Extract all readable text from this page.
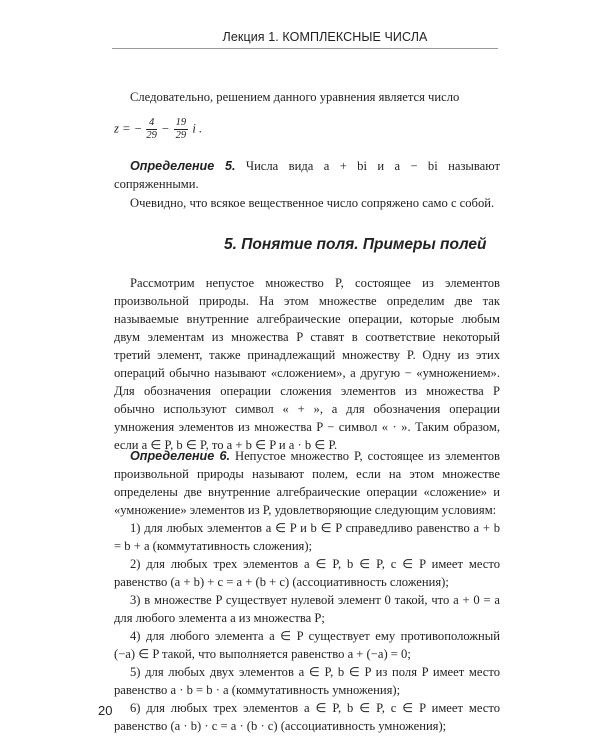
Лекция 1. КОМПЛЕКСНЫЕ ЧИСЛА
Следовательно, решением данного уравнения является число
z = − $\frac{4}{29} - \frac{19}{29}$ i .
Определение 5. Числа вида a + bi и a − bi называют сопряженными.
Очевидно, что всякое вещественное число сопряжено само с собой.
5. Понятие поля. Примеры полей
Рассмотрим непустое множество P, состоящее из элементов произвольной природы. На этом множестве определим две так называемые внутренние алгебраические операции, которые любым двум элементам из множества P ставят в соответствие некоторый третий элемент, также принадлежащий множеству P. Одну из этих операций обычно называют «сложением», а другую − «умножением». Для обозначения операции сложения элементов из множества P обычно используют символ « + », а для обозначения операции умножения элементов из множества P − символ « · ». Таким образом, если a ∈ P, b ∈ P, то a + b ∈ P и a · b ∈ P.
Определение 6. Непустое множество P, состоящее из элементов произвольной природы называют полем, если на этом множестве определены две внутренние алгебраические операции «сложение» и «умножение» элементов из P, удовлетворяющие следующим условиям:
1) для любых элементов a ∈ P и b ∈ P справедливо равенство a + b = b + a (коммутативность сложения);
2) для любых трех элементов a ∈ P, b ∈ P, c ∈ P имеет место равенство (a + b) + c = a + (b + c) (ассоциативность сложения);
3) в множестве P существует нулевой элемент 0 такой, что a + 0 = a для любого элемента a из множества P;
4) для любого элемента a ∈ P существует ему противоположный (−a) ∈ P такой, что выполняется равенство a + (−a) = 0;
5) для любых двух элементов a ∈ P, b ∈ P из поля P имеет место равенство a · b = b · a (коммутативность умножения);
6) для любых трех элементов a ∈ P, b ∈ P, c ∈ P имеет место равенство (a · b) · c = a · (b · c) (ассоциативность умножения);
20
